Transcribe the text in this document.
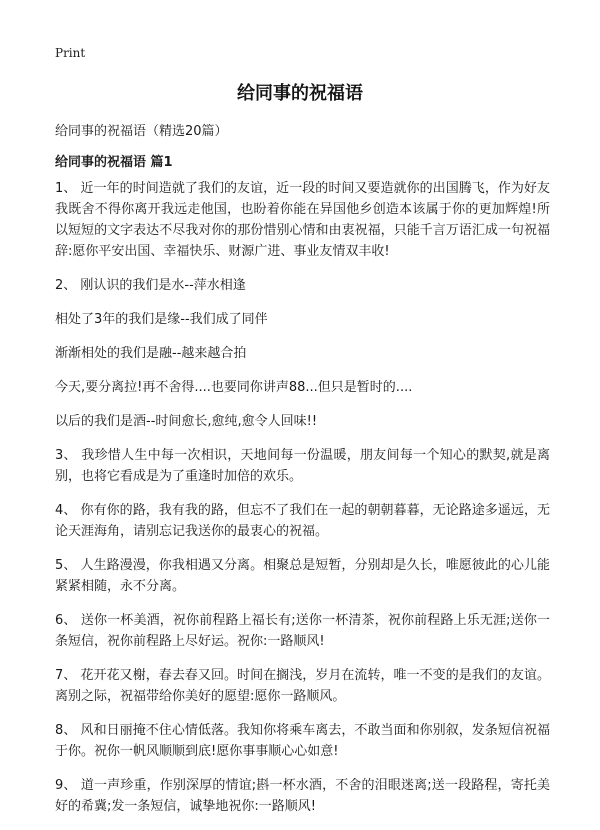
Print
给同事的祝福语
给同事的祝福语（精选20篇）
给同事的祝福语 篇1

1、 近一年的时间造就了我们的友谊，近一段的时间又要造就你的出国腾飞，作为好友我既舍不得你离开我远走他国，也盼着你能在异国他乡创造本该属于你的更加辉煌!所以短短的文字表达不尽我对你的那份惜别心情和由衷祝福，只能千言万语汇成一句祝福辞:愿你平安出国、幸福快乐、财源广进、事业友情双丰收!

2、 刚认识的我们是水--萍水相逢

相处了3年的我们是缘--我们成了同伴

渐渐相处的我们是融--越来越合拍

今天,要分离拉!再不舍得....也要同你讲声88...但只是暂时的....

以后的我们是酒--时间愈长,愈纯,愈令人回味!!

3、 我珍惜人生中每一次相识，天地间每一份温暖，朋友间每一个知心的默契,就是离别，也将它看成是为了重逢时加倍的欢乐。

4、 你有你的路，我有我的路，但忘不了我们在一起的朝朝暮暮，无论路途多遥远，无论天涯海角，请别忘记我送你的最衷心的祝福。

5、 人生路漫漫，你我相遇又分离。相聚总是短暂，分别却是久长，唯愿彼此的心儿能紧紧相随，永不分离。

6、 送你一杯美酒，祝你前程路上福长有;送你一杯清茶，祝你前程路上乐无涯;送你一条短信，祝你前程路上尽好运。祝你:一路顺风!

7、 花开花又榭，春去春又回。时间在搁浅，岁月在流转，唯一不变的是我们的友谊。离别之际，祝福带给你美好的愿望:愿你一路顺风。

8、 风和日丽掩不住心情低落。我知你将乘车离去，不敢当面和你别叙，发条短信祝福于你。祝你一帆风顺顺到底!愿你事事顺心心如意!

9、 道一声珍重，作别深厚的情谊;斟一杯水酒，不舍的泪眼迷离;送一段路程，寄托美好的希冀;发一条短信，诚挚地祝你:一路顺风!
